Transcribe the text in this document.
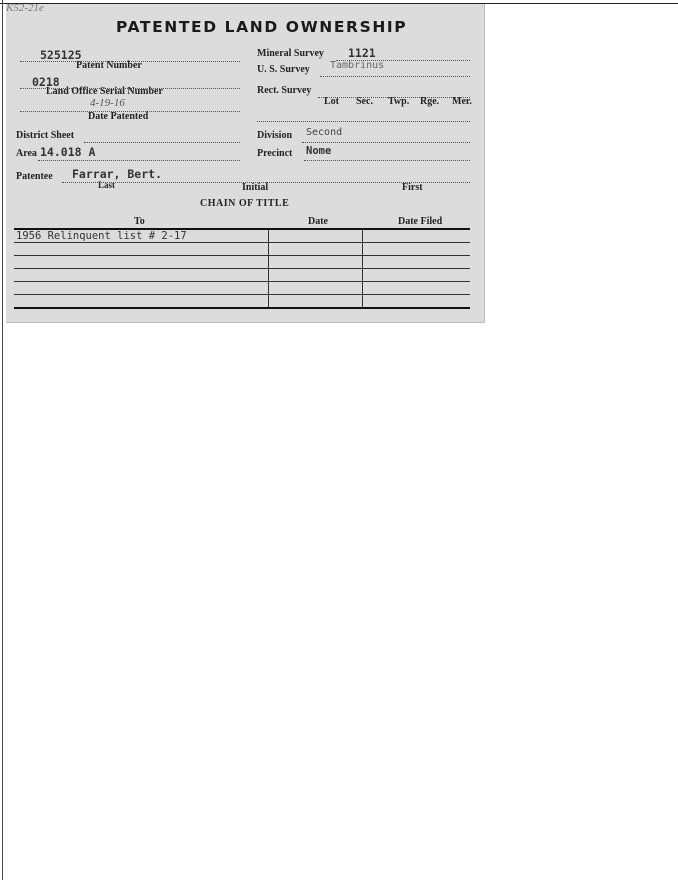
K52-21e
PATENTED LAND OWNERSHIP
525125
Patent Number
0218
Land Office Serial Number
4-19-16
Date Patented
Mineral Survey 1121
U. S. Survey Tambrinus
Rect. Survey
Lot Sec. Twp. Rge. Mer.
District Sheet	Division Second
Area 14.018 A	Precinct Nome
Patentee Farrar, Bert.
Last	Initial	First
CHAIN OF TITLE
To	Date	Date Filed
1956 Relinquent list # 2-17
